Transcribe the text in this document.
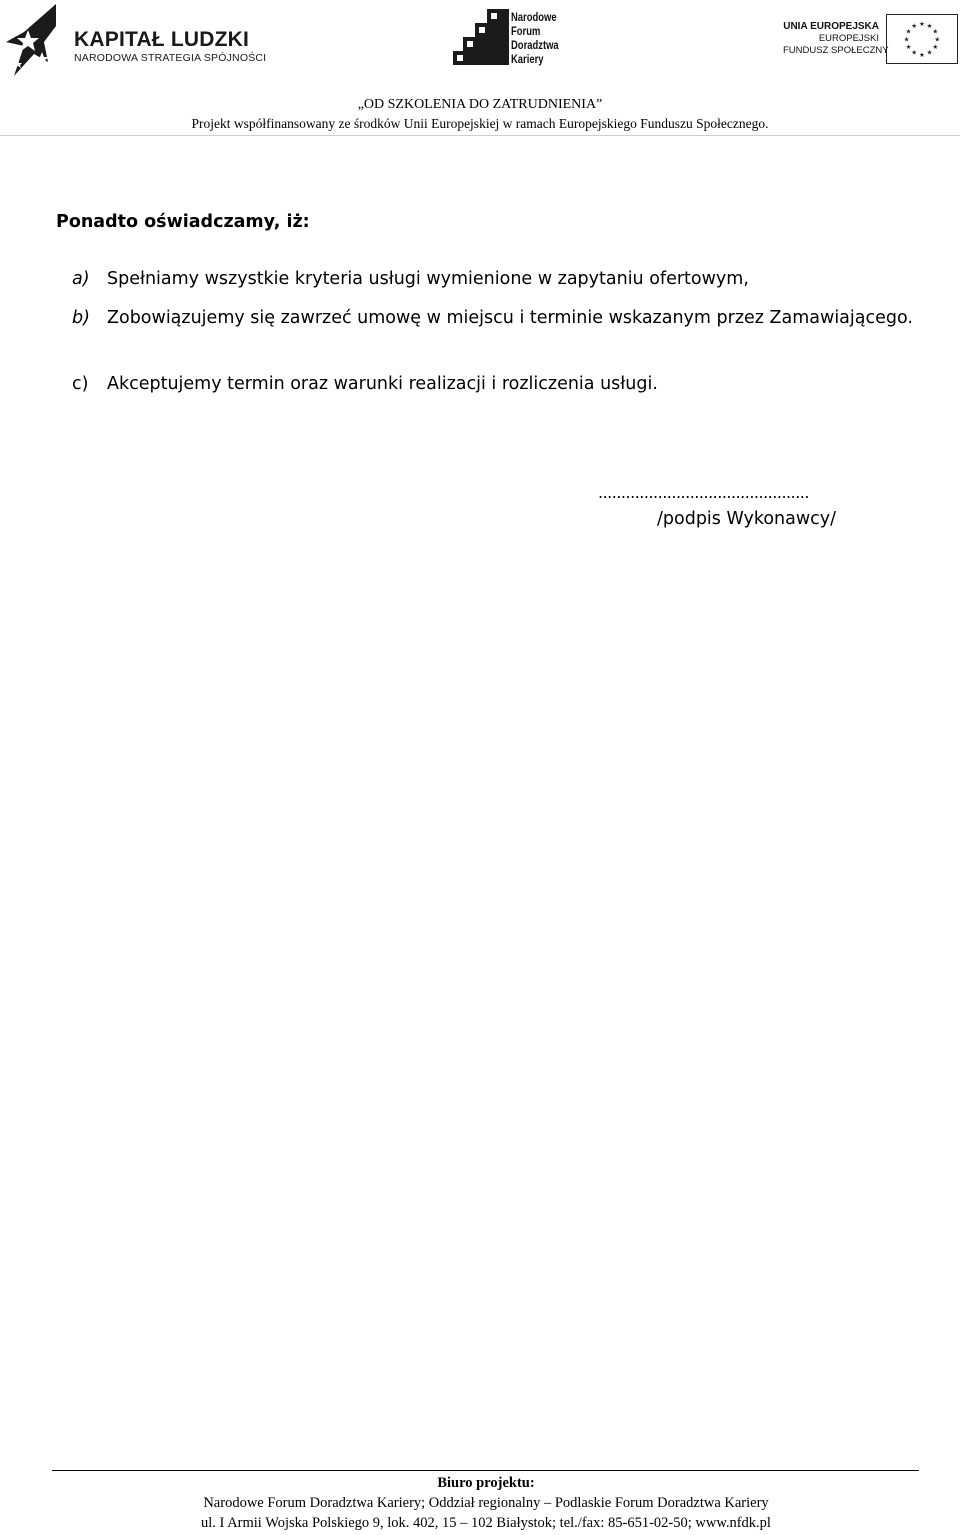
KAPITAŁ LUDZKI
NARODOWA STRATEGIA SPÓJNOŚCI
Narodowe
Forum
Doradztwa
Kariery
UNIA EUROPEJSKA
EUROPEJSKI
FUNDUSZ SPOŁECZNY
★
★
★
★
★
★
★
★
★ ★ ★
★
„OD SZKOLENIA DO ZATRUDNIENIA”
Projekt współfinansowany ze środków Unii Europejskiej w ramach Europejskiego Funduszu Społecznego.
Ponadto oświadczamy, iż:
a) Spełniamy wszystkie kryteria usługi wymienione w zapytaniu ofertowym,
b) Zobowiązujemy się zawrzeć umowę w miejscu i terminie wskazanym przez Zamawiającego.
c) Akceptujemy termin oraz warunki realizacji i rozliczenia usługi.
..............................................
/podpis Wykonawcy/
Biuro projektu:
Narodowe Forum Doradztwa Kariery; Oddział regionalny – Podlaskie Forum Doradztwa Kariery
ul. I Armii Wojska Polskiego 9, lok. 402, 15 – 102 Białystok; tel./fax: 85-651-02-50; www.nfdk.pl
